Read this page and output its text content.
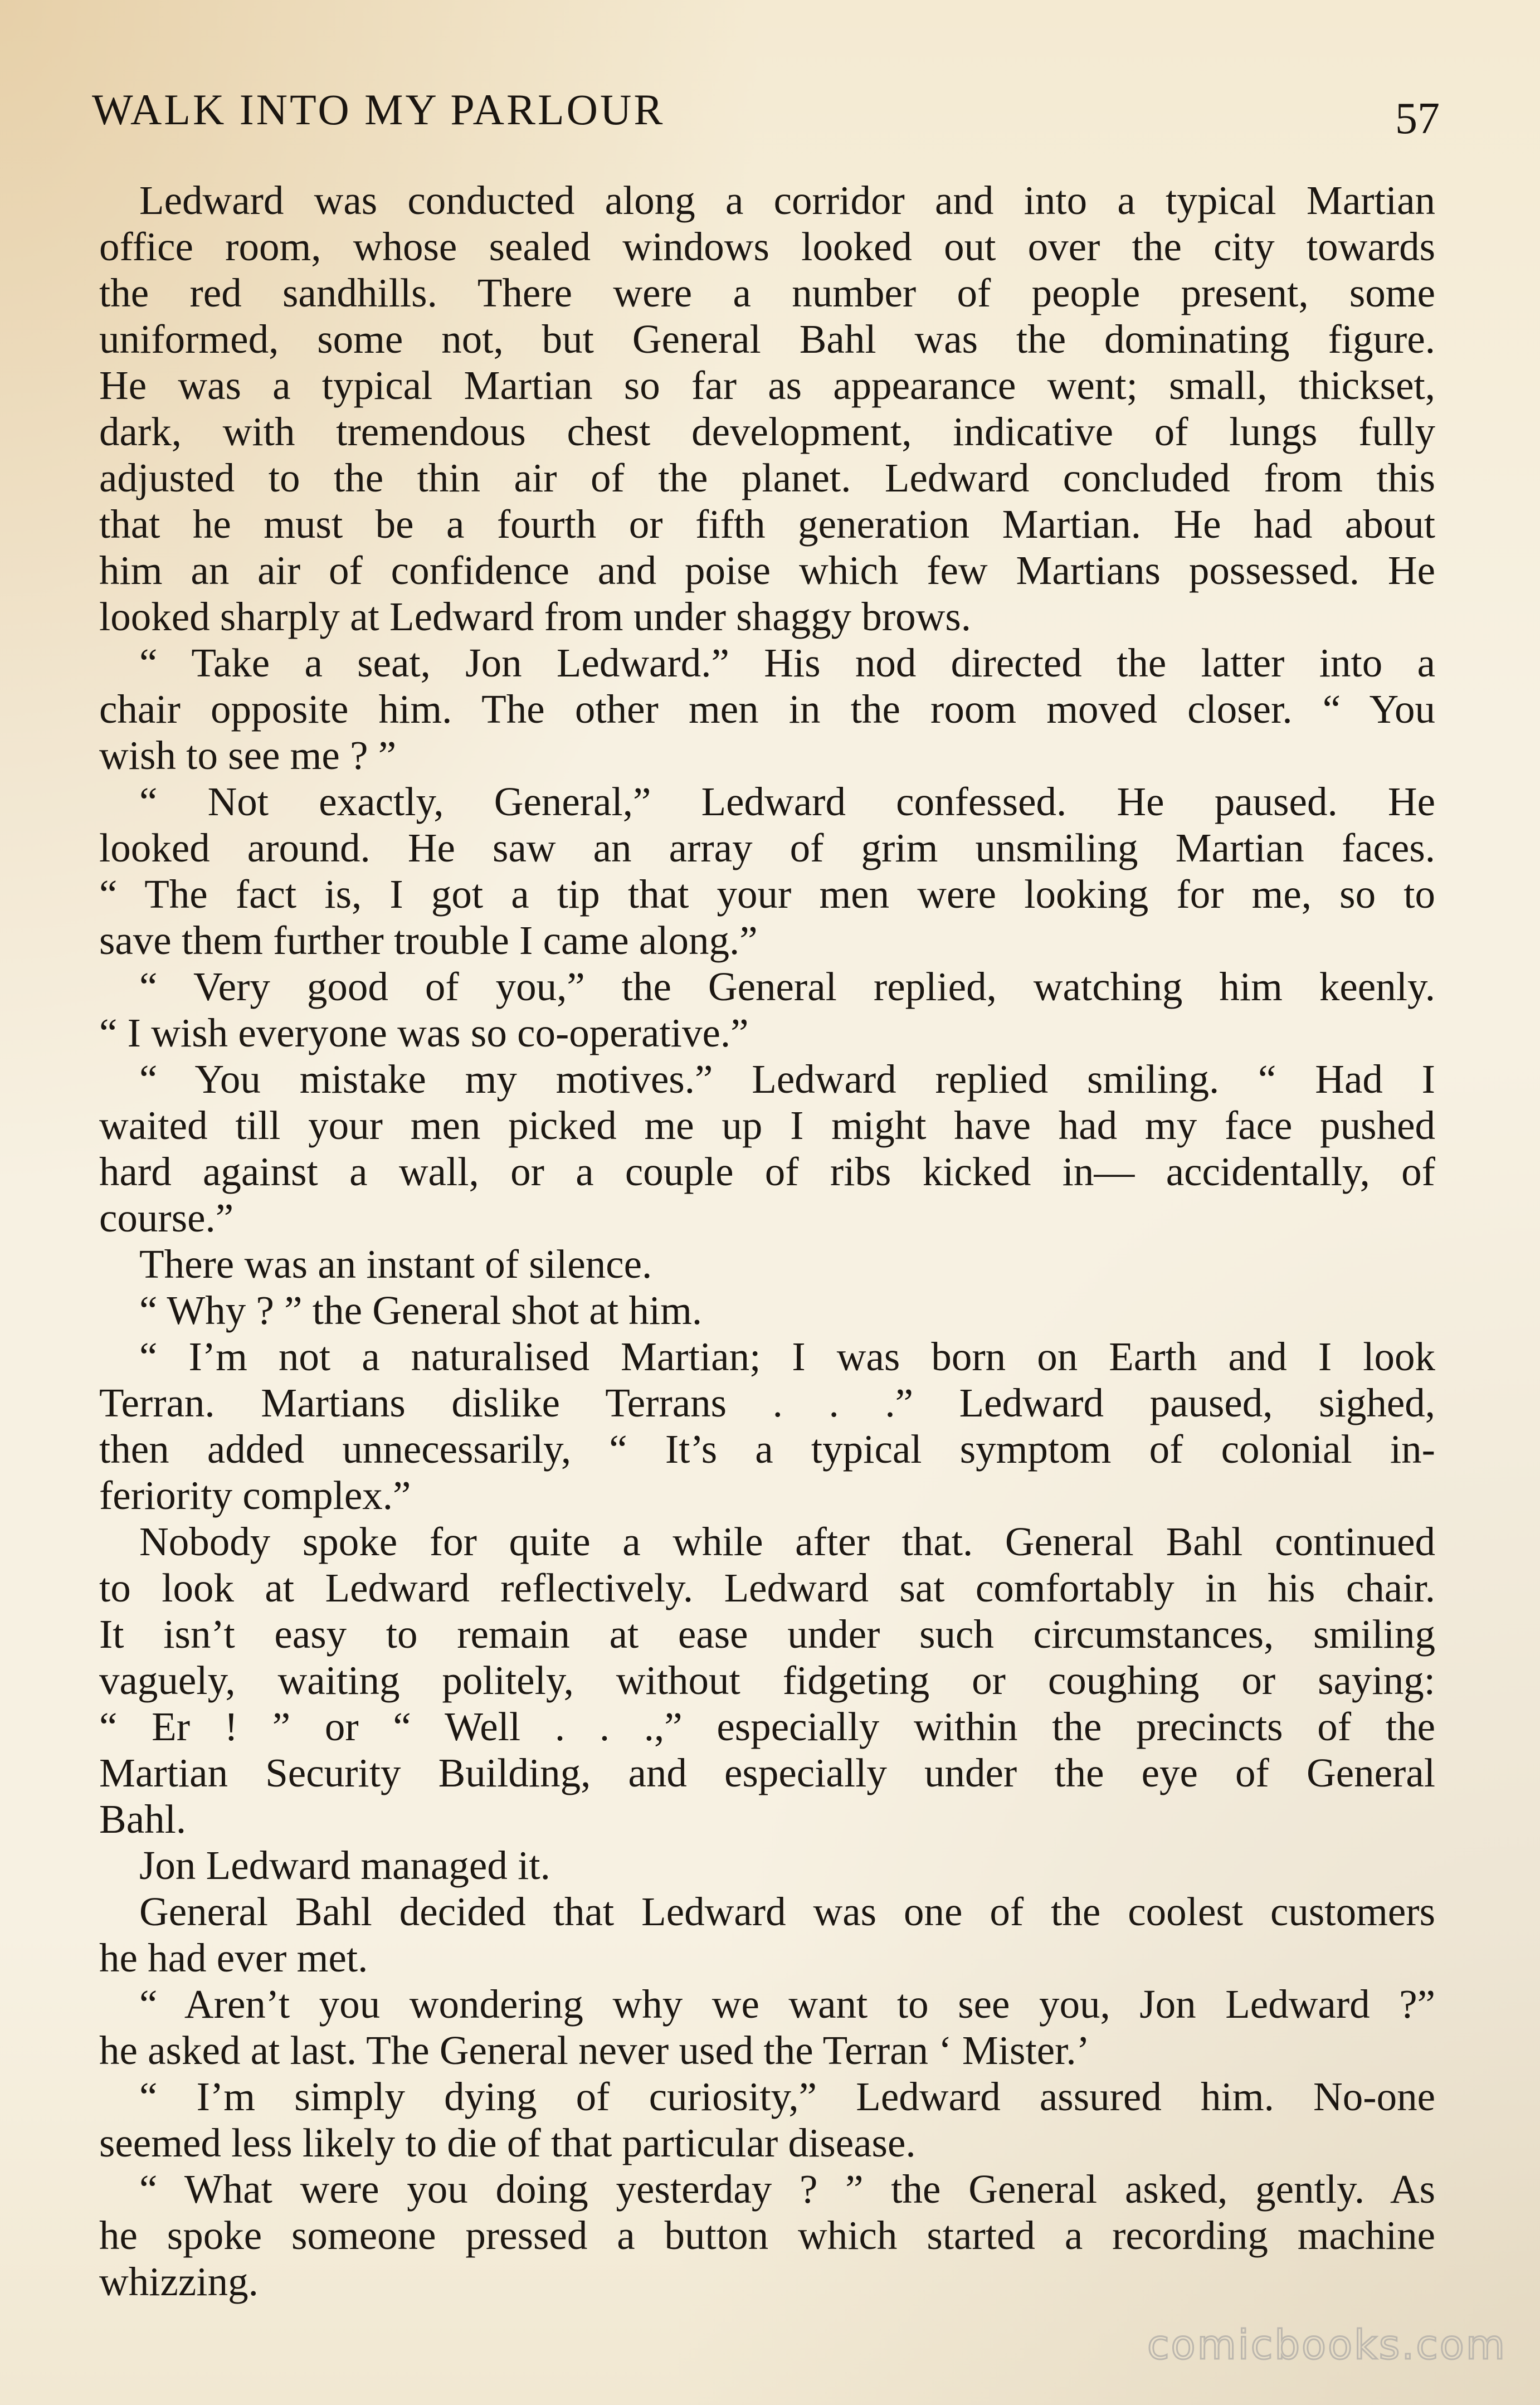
WALK INTO MY PARLOUR	57
Ledward was conducted along a corridor and into a typical Martian
office room, whose sealed windows looked out over the city towards
the red sandhills. There were a number of people present, some
uniformed, some not, but General Bahl was the dominating figure.
He was a typical Martian so far as appearance went; small, thickset,
dark, with tremendous chest development, indicative of lungs fully
adjusted to the thin air of the planet. Ledward concluded from this
that he must be a fourth or fifth generation Martian. He had about
him an air of confidence and poise which few Martians possessed. He
looked sharply at Ledward from under shaggy brows.
“ Take a seat, Jon Ledward.” His nod directed the latter into a
chair opposite him. The other men in the room moved closer. “ You
wish to see me ? ”
“ Not exactly, General,” Ledward confessed. He paused. He
looked around. He saw an array of grim unsmiling Martian faces.
“ The fact is, I got a tip that your men were looking for me, so to
save them further trouble I came along.”
“ Very good of you,” the General replied, watching him keenly.
“ I wish everyone was so co-operative.”
“ You mistake my motives.” Ledward replied smiling. “ Had I
waited till your men picked me up I might have had my face pushed
hard against a wall, or a couple of ribs kicked in— accidentally, of
course.”
There was an instant of silence.
“ Why ? ” the General shot at him.
“ I’m not a naturalised Martian; I was born on Earth and I look
Terran. Martians dislike Terrans . . .” Ledward paused, sighed,
then added unnecessarily, “ It’s a typical symptom of colonial in-
feriority complex.”
Nobody spoke for quite a while after that. General Bahl continued
to look at Ledward reflectively. Ledward sat comfortably in his chair.
It isn’t easy to remain at ease under such circumstances, smiling
vaguely, waiting politely, without fidgeting or coughing or saying:
“ Er ! ” or “ Well . . .,” especially within the precincts of the
Martian Security Building, and especially under the eye of General
Bahl.
Jon Ledward managed it.
General Bahl decided that Ledward was one of the coolest customers
he had ever met.
“ Aren’t you wondering why we want to see you, Jon Ledward ?”
he asked at last. The General never used the Terran ‘ Mister.’
“ I’m simply dying of curiosity,” Ledward assured him. No-one
seemed less likely to die of that particular disease.
“ What were you doing yesterday ? ” the General asked, gently. As
he spoke someone pressed a button which started a recording machine
whizzing.
comicbooks.com
